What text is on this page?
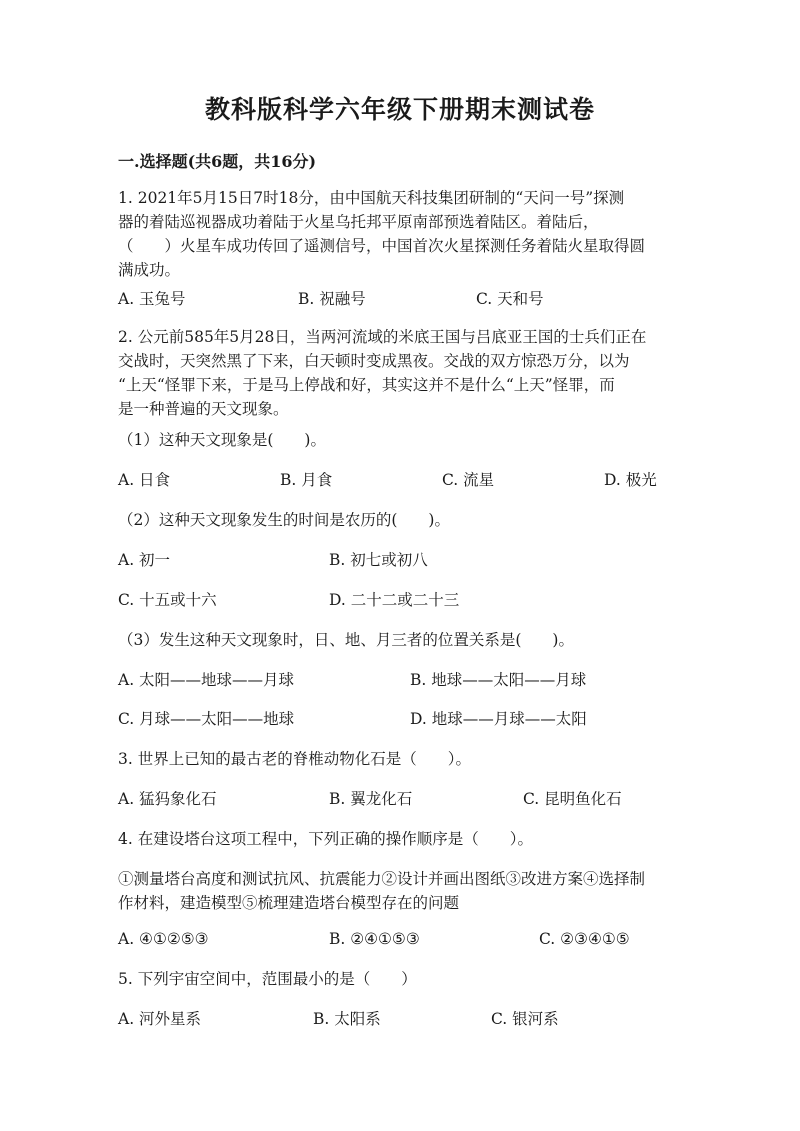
教科版科学六年级下册期末测试卷
一.选择题(共6题，共16分)
1. 2021年5月15日7时18分，由中国航天科技集团研制的“天问一号”探测
器的着陆巡视器成功着陆于火星乌托邦平原南部预选着陆区。着陆后，
（　　）火星车成功传回了遥测信号，中国首次火星探测任务着陆火星取得圆
满成功。
A. 玉兔号	B. 祝融号	C. 天和号
2. 公元前585年5月28日，当两河流域的米底王国与吕底亚王国的士兵们正在
交战时，天突然黑了下来，白天顿时变成黑夜。交战的双方惊恐万分，以为
“上天“怪罪下来，于是马上停战和好，其实这并不是什么“上天”怪罪，而
是一种普遍的天文现象。
（1）这种天文现象是(　　)。
A. 日食	B. 月食	C. 流星	D. 极光
（2）这种天文现象发生的时间是农历的(　　)。
A. 初一	B. 初七或初八
C. 十五或十六	D. 二十二或二十三
（3）发生这种天文现象时，日、地、月三者的位置关系是(　　)。
A. 太阳——地球——月球	B. 地球——太阳——月球
C. 月球——太阳——地球	D. 地球——月球——太阳
3. 世界上已知的最古老的脊椎动物化石是（　　）。
A. 猛犸象化石	B. 翼龙化石	C. 昆明鱼化石
4. 在建设塔台这项工程中，下列正确的操作顺序是（　　）。
①测量塔台高度和测试抗风、抗震能力②设计并画出图纸③改进方案④选择制
作材料，建造模型⑤梳理建造塔台模型存在的问题
A. ④①②⑤③	B. ②④①⑤③	C. ②③④①⑤
5. 下列宇宙空间中，范围最小的是（　　）
A. 河外星系	B. 太阳系	C. 银河系
